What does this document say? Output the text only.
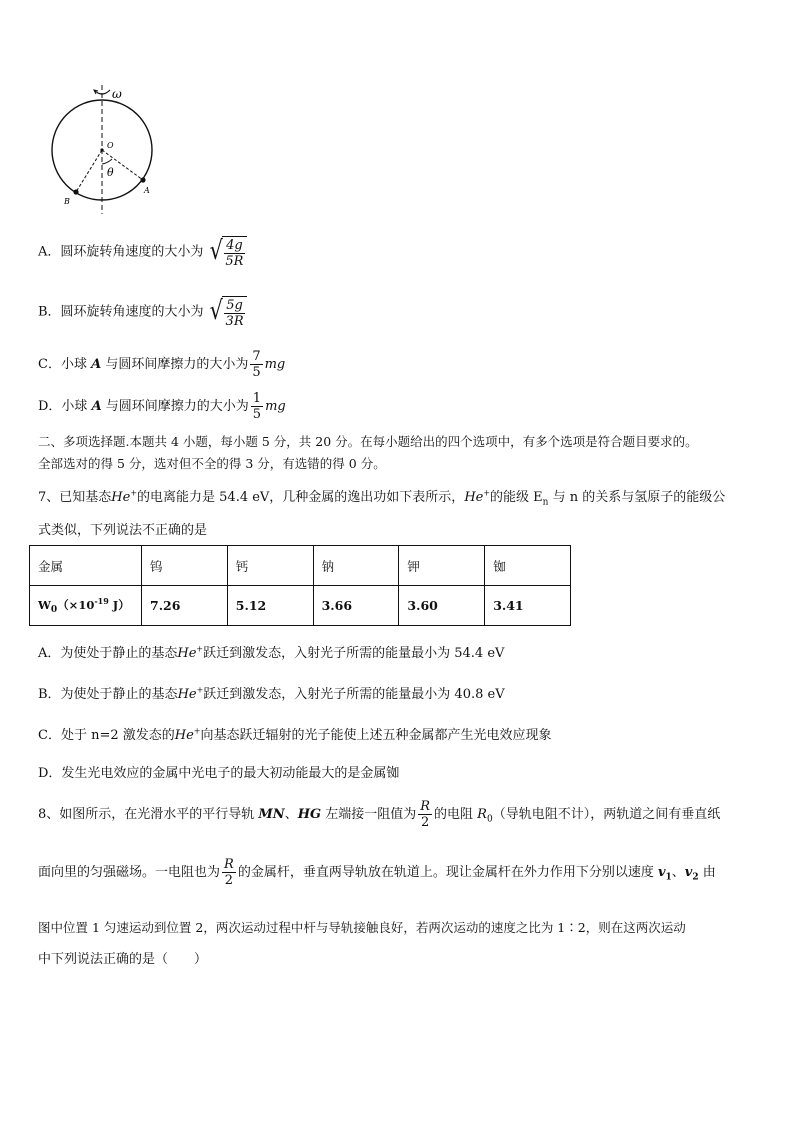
ω
O
θ
A
B
A．圆环旋转角速度的大小为 √ $\frac{4g}{5R}$
B．圆环旋转角速度的大小为 √ $\frac{5g}{3R}$
C．小球 A 与圆环间摩擦力的大小为 $\frac{7}{5}$ mg
D．小球 A 与圆环间摩擦力的大小为 $\frac{1}{5}$ mg
二、多项选择题.本题共 4 小题，每小题 5 分，共 20 分。在每小题给出的四个选项中，有多个选项是符合题目要求的。
全部选对的得 5 分，选对但不全的得 3 分，有选错的得 0 分。
7、已知基态He+的电离能力是 54.4 eV，几种金属的逸出功如下表所示，He+的能级 $E_n$ 与 n 的关系与氢原子的能级公
式类似，下列说法不正确的是
金属	钨	钙	钠	钾	铷
$W_0(\times 10^{-19}$ J）	7.26	5.12	3.66	3.60	3.41
A．为使处于静止的基态He+跃迁到激发态，入射光子所需的能量最小为 54.4 eV
B．为使处于静止的基态He+跃迁到激发态，入射光子所需的能量最小为 40.8 eV
C．处于 n=2 激发态的He+向基态跃迁辐射的光子能使上述五种金属都产生光电效应现象
D．发生光电效应的金属中光电子的最大初动能最大的是金属铷
8、如图所示，在光滑水平的平行导轨 MN、HG 左端接一阻值为 $\frac{R}{2}$ 的电阻 $R_0$（导轨电阻不计），两轨道之间有垂直纸
面向里的匀强磁场。一电阻也为 $\frac{R}{2}$ 的金属杆，垂直两导轨放在轨道上。现让金属杆在外力作用下分别以速度 $v_1$、$v_2$ 由
图中位置 1 匀速运动到位置 2，两次运动过程中杆与导轨接触良好，若两次运动的速度之比为 1∶2，则在这两次运动
中下列说法正确的是（　　）
